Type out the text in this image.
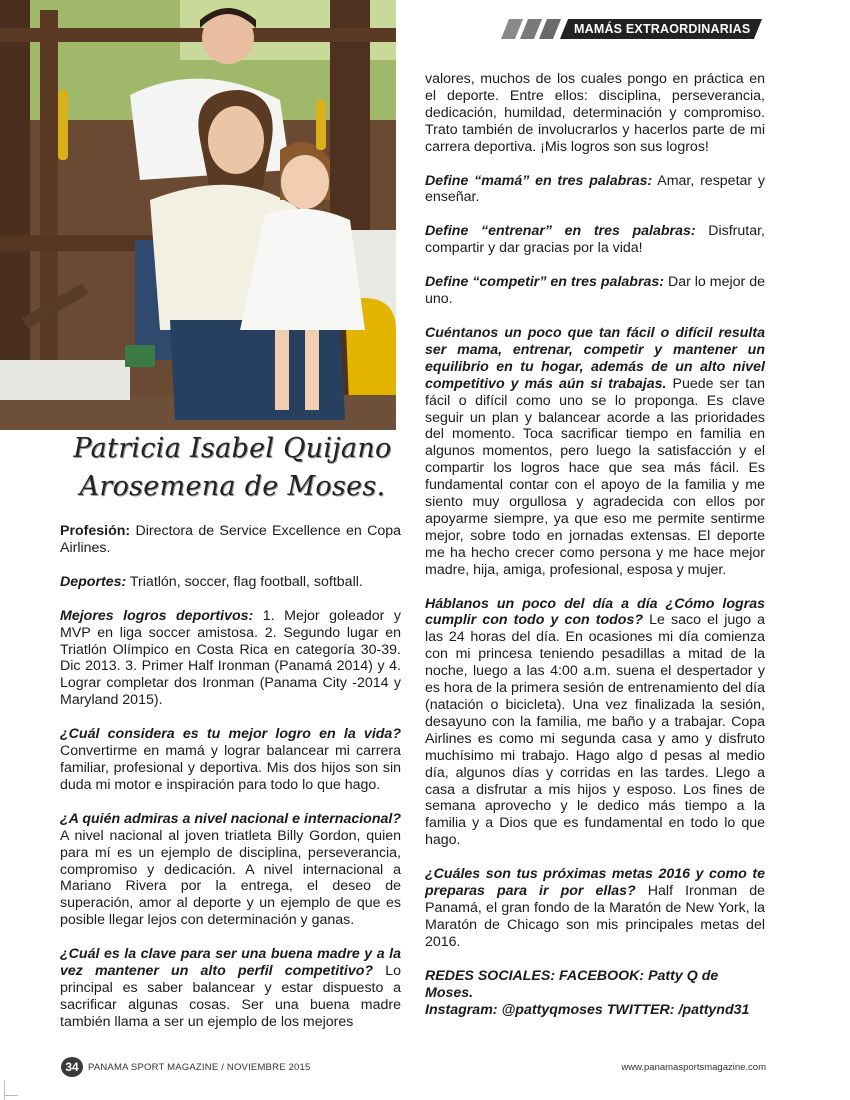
MAMÁS EXTRAORDINARIAS
Patricia Isabel Quijano
Arosemena de Moses.

Profesión: Directora de Service Excellence en Copa Airlines.

Deportes: Triatlón, soccer, flag football, softball.

Mejores logros deportivos: 1. Mejor goleador y MVP en liga soccer amistosa. 2. Segundo lugar en Triatlón Olímpico en Costa Rica en categoría 30-39. Dic 2013. 3. Primer Half Ironman (Panamá 2014) y 4. Lograr completar dos Ironman (Panama City -2014 y Maryland 2015).

¿Cuál considera es tu mejor logro en la vida? Convertirme en mamá y lograr balancear mi carrera familiar, profesional y deportiva. Mis dos hijos son sin duda mi motor e inspiración para todo lo que hago.

¿A quién admiras a nivel nacional e internacional? A nivel nacional al joven triatleta Billy Gordon, quien para mí es un ejemplo de disciplina, perseverancia, compromiso y dedicación. A nivel internacional a Mariano Rivera por la entrega, el deseo de superación, amor al deporte y un ejemplo de que es posible llegar lejos con determinación y ganas.

¿Cuál es la clave para ser una buena madre y a la vez mantener un alto perfil competitivo? Lo principal es saber balancear y estar dispuesto a sacrificar algunas cosas. Ser una buena madre también llama a ser un ejemplo de los mejores

valores, muchos de los cuales pongo en práctica en el deporte. Entre ellos: disciplina, perseverancia, dedicación, humildad, determinación y compromiso. Trato también de involucrarlos y hacerlos parte de mi carrera deportiva. ¡Mis logros son sus logros!

Define “mamá” en tres palabras: Amar, respetar y enseñar.

Define “entrenar” en tres palabras: Disfrutar, compartir y dar gracias por la vida!

Define “competir” en tres palabras: Dar lo mejor de uno.

Cuéntanos un poco que tan fácil o difícil resulta ser mama, entrenar, competir y mantener un equilibrio en tu hogar, además de un alto nivel competitivo y más aún si trabajas. Puede ser tan fácil o difícil como uno se lo proponga. Es clave seguir un plan y balancear acorde a las prioridades del momento. Toca sacrificar tiempo en familia en algunos momentos, pero luego la satisfacción y el compartir los logros hace que sea más fácil. Es fundamental contar con el apoyo de la familia y me siento muy orgullosa y agradecida con ellos por apoyarme siempre, ya que eso me permite sentirme mejor, sobre todo en jornadas extensas. El deporte me ha hecho crecer como persona y me hace mejor madre, hija, amiga, profesional, esposa y mujer.

Háblanos un poco del día a día ¿Cómo logras cumplir con todo y con todos? Le saco el jugo a las 24 horas del día. En ocasiones mi día comienza con mi princesa teniendo pesadillas a mitad de la noche, luego a las 4:00 a.m. suena el despertador y es hora de la primera sesión de entrenamiento del día (natación o bicicleta). Una vez finalizada la sesión, desayuno con la familia, me baño y a trabajar. Copa Airlines es como mi segunda casa y amo y disfruto muchísimo mi trabajo. Hago algo d pesas al medio día, algunos días y corridas en las tardes. Llego a casa a disfrutar a mis hijos y esposo. Los fines de semana aprovecho y le dedico más tiempo a la familia y a Dios que es fundamental en todo lo que hago.

¿Cuáles son tus próximas metas 2016 y como te preparas para ir por ellas? Half Ironman de Panamá, el gran fondo de la Maratón de New York, la Maratón de Chicago son mis principales metas del 2016.

REDES SOCIALES: FACEBOOK: Patty Q de Moses.
Instagram: @pattyqmoses TWITTER: /pattynd31

34 PANAMA SPORT MAGAZINE / NOVIEMBRE 2015	www.panamasportsmagazine.com
